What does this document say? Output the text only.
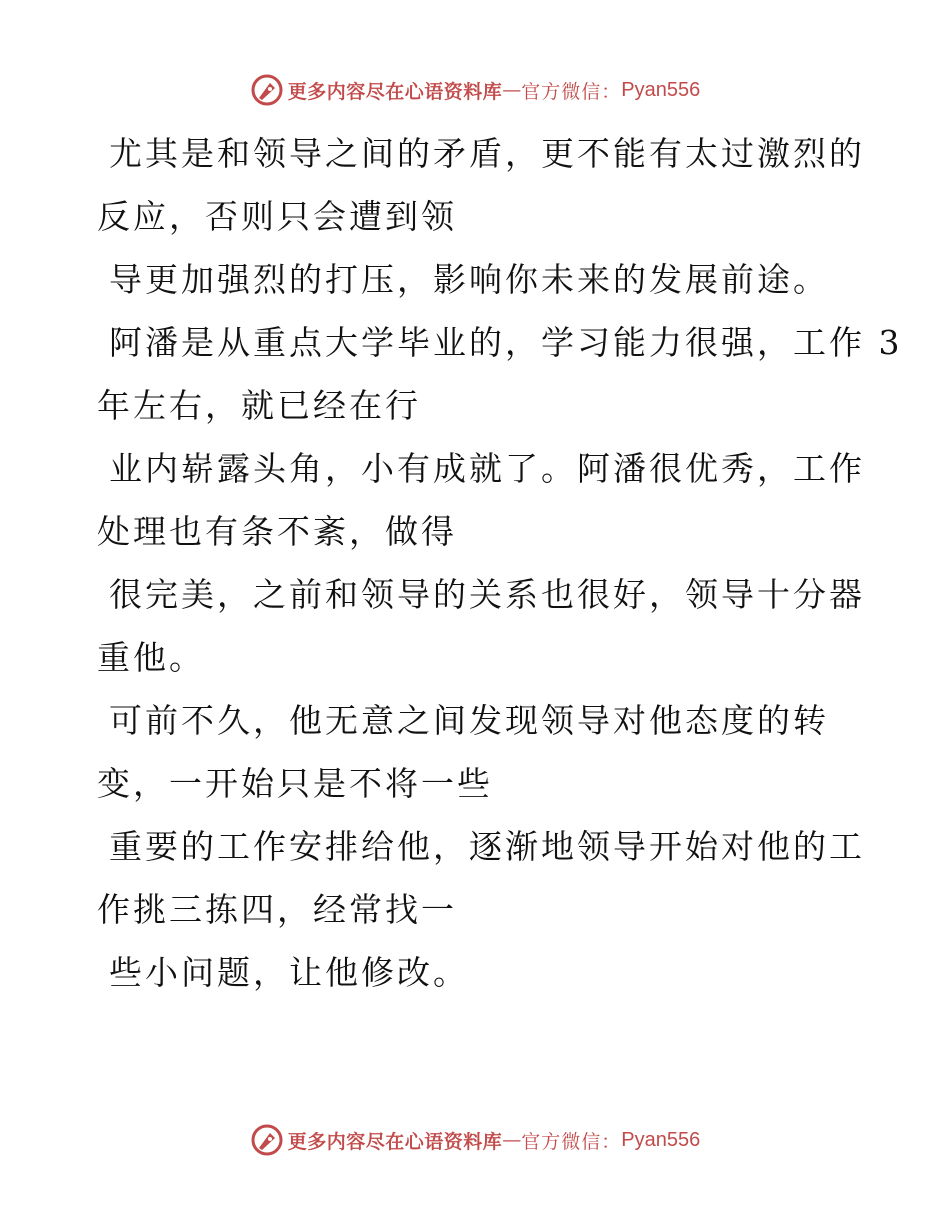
更多内容尽在心语资料库 — 官方微信： Pyan556

尤其是和领导之间的矛盾，更不能有太过激烈的
反应，否则只会遭到领

导更加强烈的打压，影响你未来的发展前途。

阿潘是从重点大学毕业的，学习能力很强，工作 3
年左右，就已经在行

业内崭露头角，小有成就了。阿潘很优秀，工作
处理也有条不紊，做得

很完美，之前和领导的关系也很好，领导十分器
重他。

可前不久，他无意之间发现领导对他态度的转
变，一开始只是不将一些

重要的工作安排给他，逐渐地领导开始对他的工
作挑三拣四，经常找一

些小问题，让他修改。

更多内容尽在心语资料库 — 官方微信： Pyan556
